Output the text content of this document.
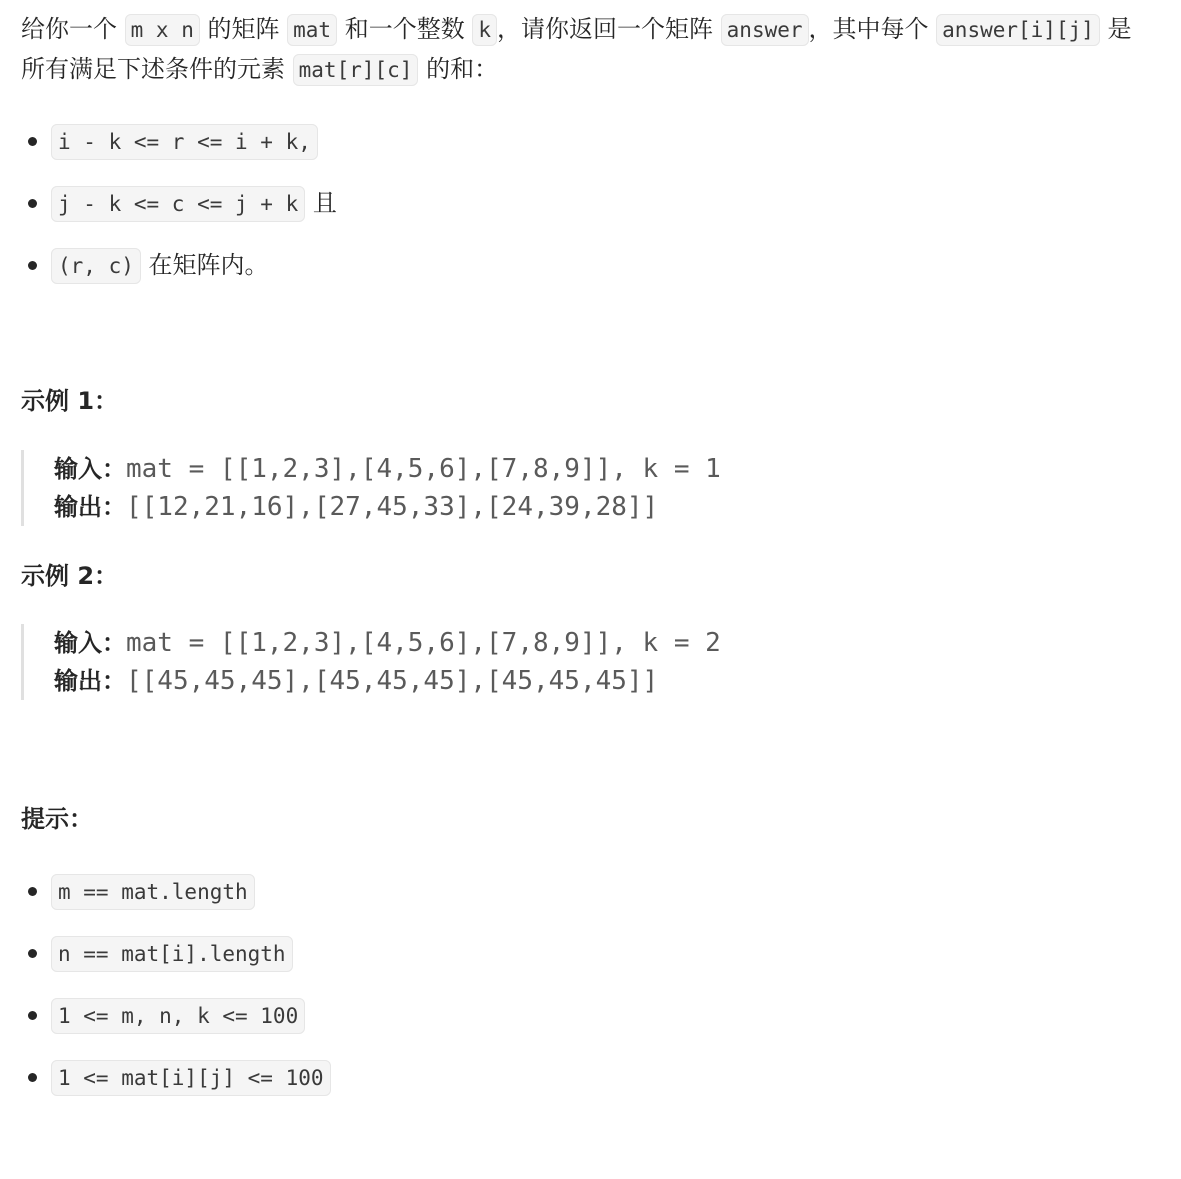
给你一个 m x n 的矩阵 mat 和一个整数 k ，请你返回一个矩阵 answer ，其中每个 answer[i][j] 是所有满足下述条件的元素 mat[r][c] 的和：

i - k <= r <= i + k,
j - k <= c <= j + k 且
(r, c) 在矩阵内。
示例 1：
输入：mat = [[1,2,3],[4,5,6],[7,8,9]], k = 1
输出：[[12,21,16],[27,45,33],[24,39,28]]
示例 2：
输入：mat = [[1,2,3],[4,5,6],[7,8,9]], k = 2
输出：[[45,45,45],[45,45,45],[45,45,45]]
提示：
m == mat.length
n == mat[i].length
1 <= m, n, k <= 100
1 <= mat[i][j] <= 100
